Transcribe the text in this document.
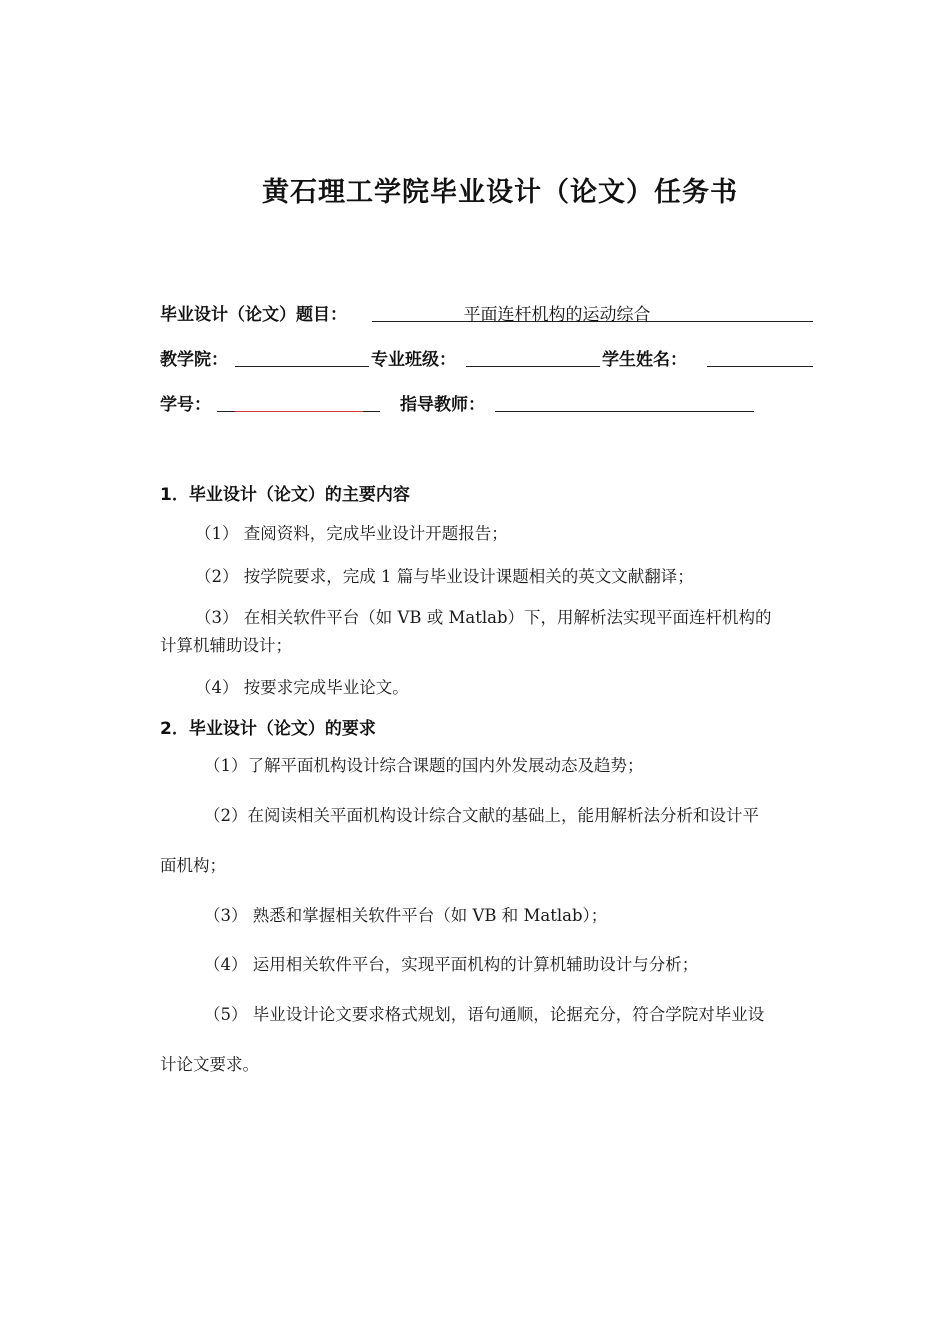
黄石理工学院毕业设计（论文）任务书
毕业设计（论文）题目：	平面连杆机构的运动综合
教学院：	专业班级：	学生姓名：
学号：	指导教师：
1．毕业设计（论文）的主要内容
（1） 查阅资料，完成毕业设计开题报告；
（2） 按学院要求，完成 1 篇与毕业设计课题相关的英文文献翻译；
（3） 在相关软件平台（如 VB 或 Matlab）下，用解析法实现平面连杆机构的
计算机辅助设计；
（4） 按要求完成毕业论文。
2．毕业设计（论文）的要求
（1）了解平面机构设计综合课题的国内外发展动态及趋势；
（2）在阅读相关平面机构设计综合文献的基础上，能用解析法分析和设计平
面机构；
（3） 熟悉和掌握相关软件平台（如 VB 和 Matlab）；
（4） 运用相关软件平台，实现平面机构的计算机辅助设计与分析；
（5） 毕业设计论文要求格式规划，语句通顺，论据充分，符合学院对毕业设
计论文要求。
